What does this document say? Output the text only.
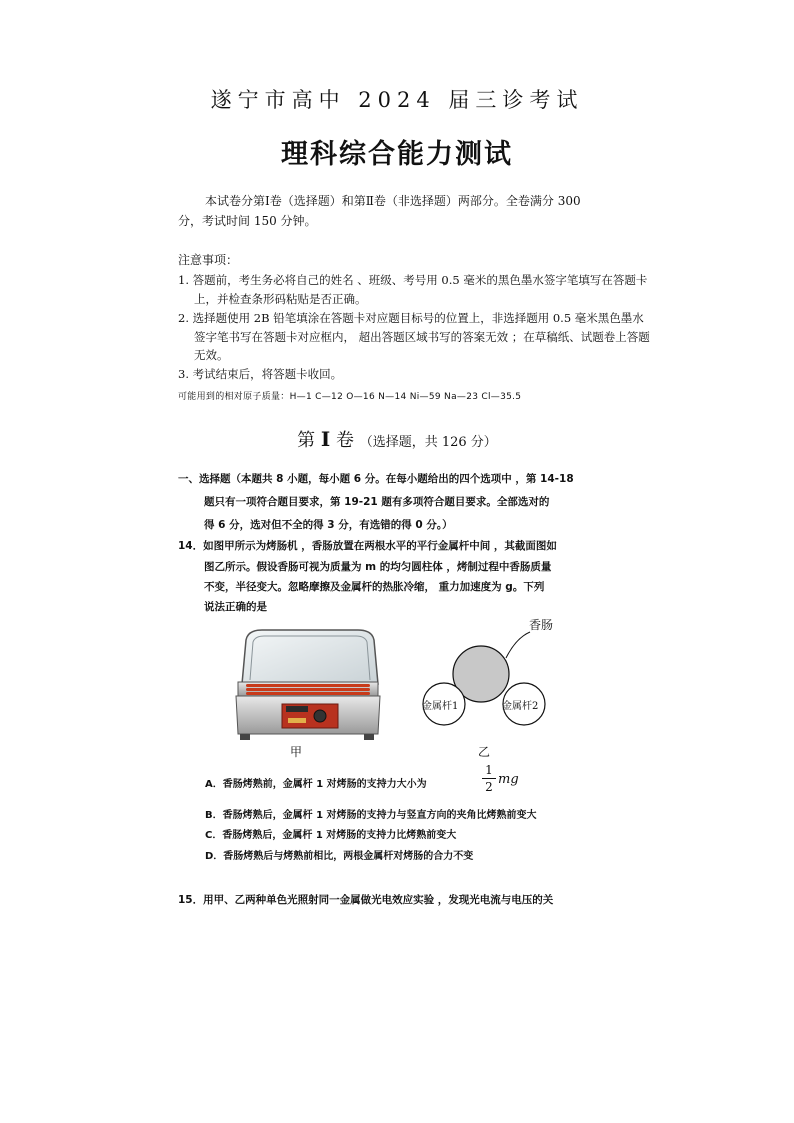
遂宁市高中 2024 届三诊考试
理科综合能力测试
本试卷分第Ⅰ卷（选择题）和第Ⅱ卷（非选择题）两部分。全卷满分 300
分，考试时间 150 分钟。
注意事项：
1. 答题前，考生务必将自己的姓名 、班级、考号用 0.5 毫米的黑色墨水签字笔填写在答题卡
上，并检查条形码粘贴是否正确。
2. 选择题使用 2B 铅笔填涂在答题卡对应题目标号的位置上，非选择题用 0.5 毫米黑色墨水
签字笔书写在答题卡对应框内， 超出答题区域书写的答案无效 ；在草稿纸、试题卷上答题
无效。
3. 考试结束后，将答题卡收回。
可能用到的相对原子质量：H—1 C—12 O—16 N—14 Ni—59 Na—23 Cl—35.5
第 Ⅰ 卷 （选择题，共 126 分）
一、选择题（本题共 8 小题，每小题 6 分。在每小题给出的四个选项中 ，第 14-18
题只有一项符合题目要求，第 19-21 题有多项符合题目要求。全部选对的
得 6 分，选对但不全的得 3 分，有选错的得 0 分。）
14．如图甲所示为烤肠机 ，香肠放置在两根水平的平行金属杆中间 ，其截面图如
图乙所示。假设香肠可视为质量为 m 的均匀圆柱体 ，烤制过程中香肠质量
不变，半径变大。忽略摩擦及金属杆的热胀冷缩， 重力加速度为 g。下列
说法正确的是
香肠
金属杆1	金属杆2
甲	乙
A．香肠烤熟前，金属杆 1 对烤肠的支持力大小为
1
2 mg
B．香肠烤熟后，金属杆 1 对烤肠的支持力与竖直方向的夹角比烤熟前变大
C．香肠烤熟后，金属杆 1 对烤肠的支持力比烤熟前变大
D．香肠烤熟后与烤熟前相比，两根金属杆对烤肠的合力不变
15．用甲、乙两种单色光照射同一金属做光电效应实验 ，发现光电流与电压的关
